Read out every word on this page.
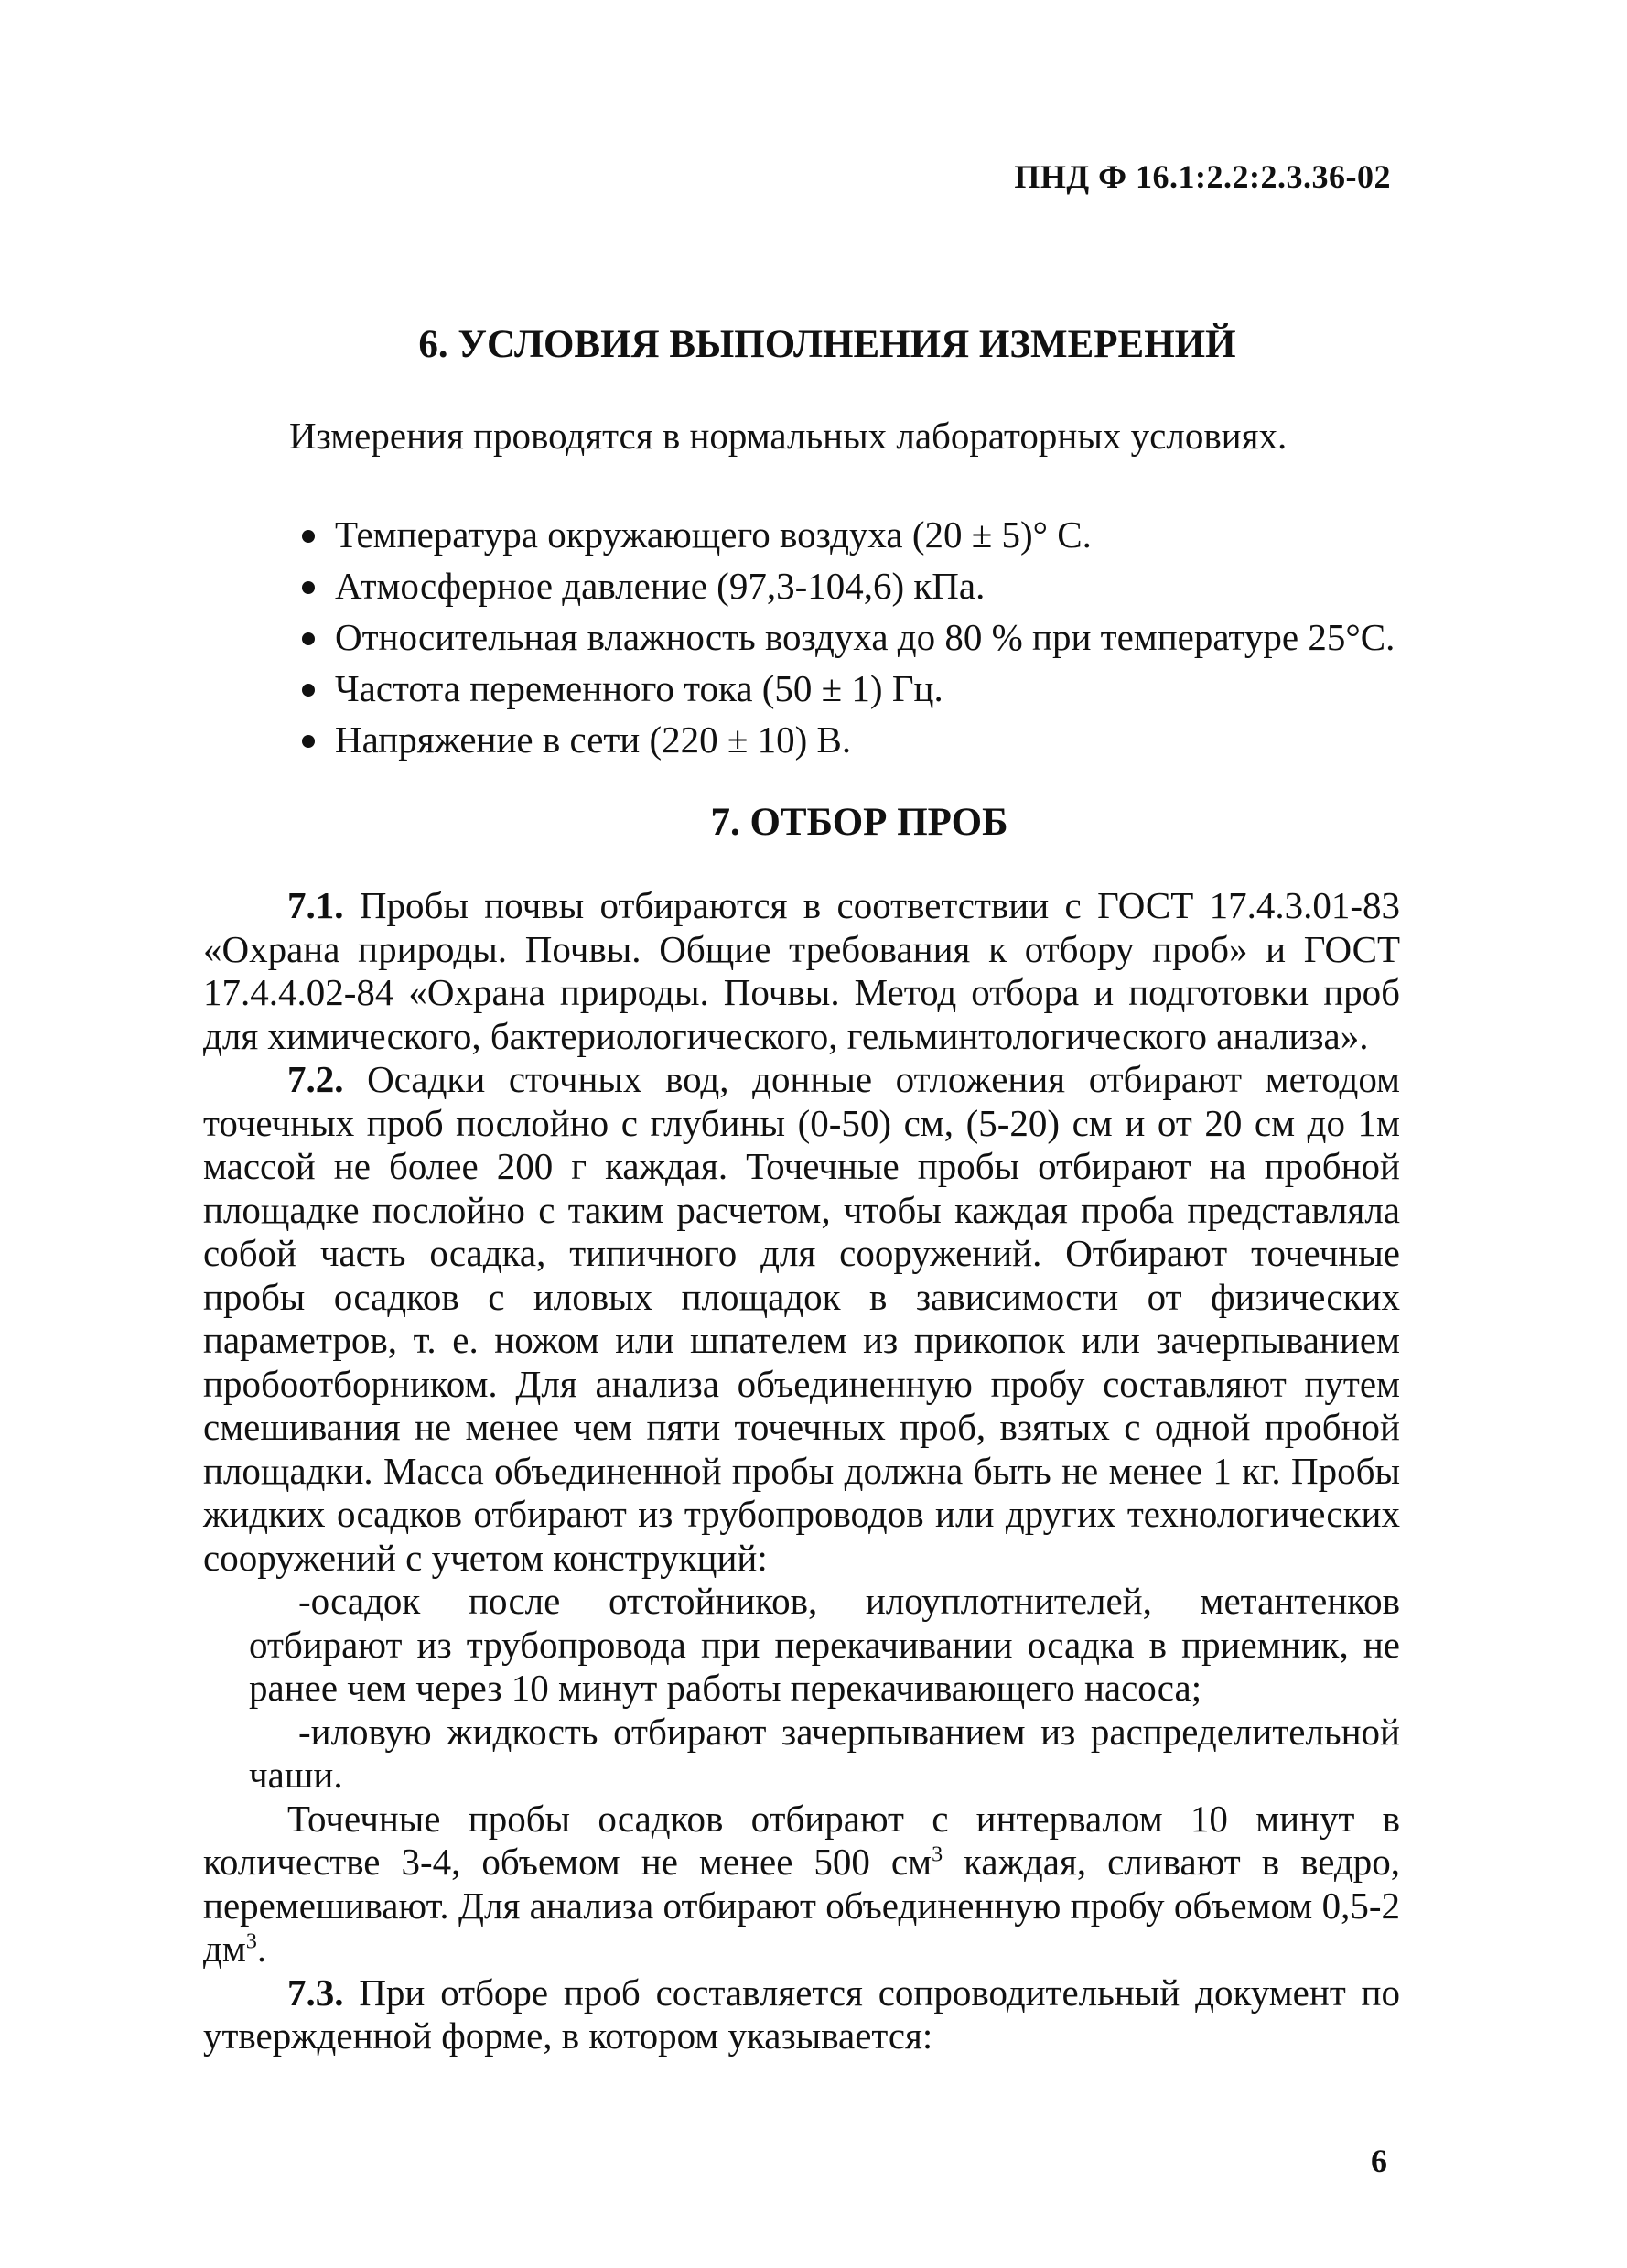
ПНД Ф 16.1:2.2:2.3.36-02
6. УСЛОВИЯ ВЫПОЛНЕНИЯ ИЗМЕРЕНИЙ
Измерения проводятся в нормальных лабораторных условиях.
Температура окружающего воздуха (20 ± 5)° С.
Атмосферное давление (97,3-104,6) кПа.
Относительная влажность воздуха до 80 % при температуре 25°С.
Частота переменного тока (50 ± 1) Гц.
Напряжение в сети (220 ± 10) В.
7. ОТБОР ПРОБ

7.1. Пробы почвы отбираются в соответствии с ГОСТ 17.4.3.01-83 «Охрана природы. Почвы. Общие требования к отбору проб» и ГОСТ 17.4.4.02-84 «Охрана природы. Почвы. Метод отбора и подготовки проб для химического, бактериологического, гельминтологического анализа».

7.2. Осадки сточных вод, донные отложения отбирают методом точечных проб послойно с глубины (0-50) см, (5-20) см и от 20 см до 1м массой не более 200 г каждая. Точечные пробы отбирают на пробной площадке послойно с таким расчетом, чтобы каждая проба представляла собой часть осадка, типичного для сооружений. Отбирают точечные пробы осадков с иловых площадок в зависимости от физических параметров, т. е. ножом или шпателем из прикопок или зачерпыванием пробоотборником. Для анализа объединенную пробу составляют путем смешивания не менее чем пяти точечных проб, взятых с одной пробной площадки. Масса объединенной пробы должна быть не менее 1 кг. Пробы жидких осадков отбирают из трубопроводов или других технологических сооружений с учетом конструкций:

-осадок после отстойников, илоуплотнителей, метантенков отбирают из трубопровода при перекачивании осадка в приемник, не ранее чем через 10 минут работы перекачивающего насоса;

-иловую жидкость отбирают зачерпыванием из распределительной чаши.

Точечные пробы осадков отбирают с интервалом 10 минут в количестве 3-4, объемом не менее 500 $см^3$ каждая, сливают в ведро, перемешивают. Для анализа отбирают объединенную пробу объемом 0,5-2 $дм^3$.

7.3. При отборе проб составляется сопроводительный документ по утвержденной форме, в котором указывается:

6
